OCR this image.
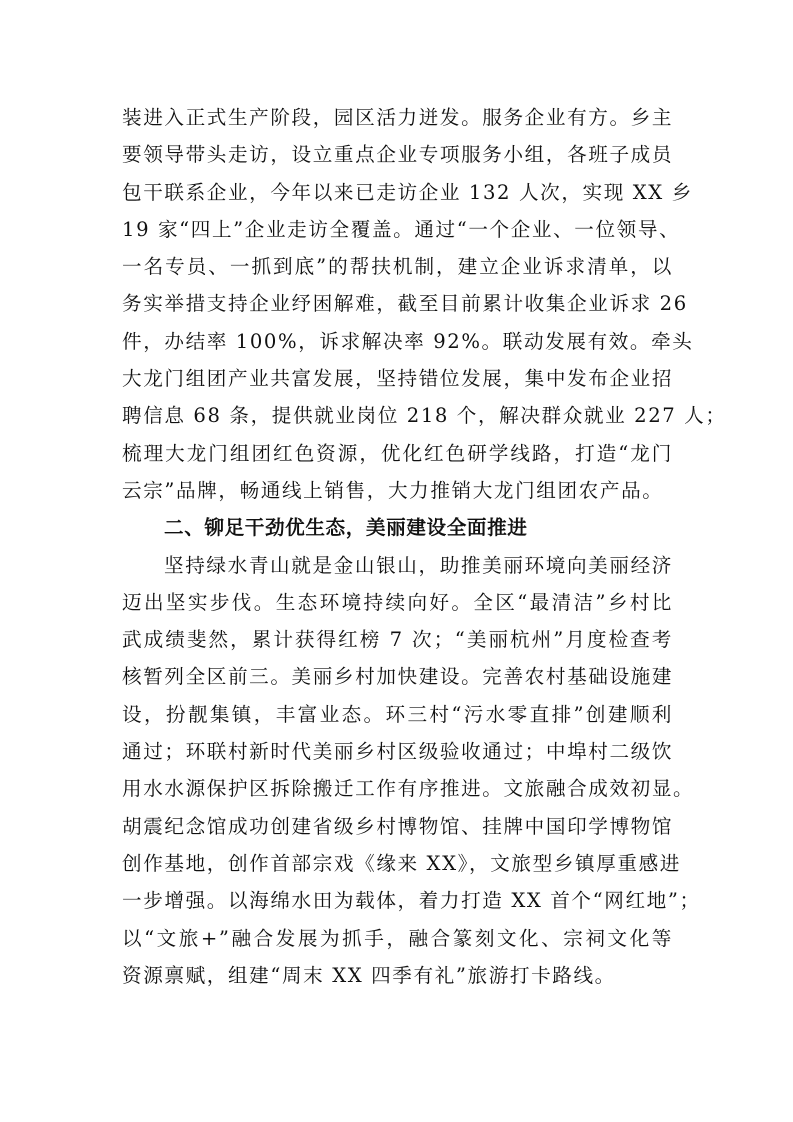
装进入正式生产阶段，园区活力迸发。服务企业有方。乡主
要领导带头走访，设立重点企业专项服务小组，各班子成员
包干联系企业，今年以来已走访企业 132 人次，实现 XX 乡
19 家“四上”企业走访全覆盖。通过“一个企业、一位领导、
一名专员、一抓到底”的帮扶机制，建立企业诉求清单，以
务实举措支持企业纾困解难，截至目前累计收集企业诉求 26
件，办结率 100%，诉求解决率 92%。联动发展有效。牵头
大龙门组团产业共富发展，坚持错位发展，集中发布企业招
聘信息 68 条，提供就业岗位 218 个，解决群众就业 227 人；
梳理大龙门组团红色资源，优化红色研学线路，打造“龙门
云宗”品牌，畅通线上销售，大力推销大龙门组团农产品。
二、铆足干劲优生态，美丽建设全面推进
坚持绿水青山就是金山银山，助推美丽环境向美丽经济
迈出坚实步伐。生态环境持续向好。全区“最清洁”乡村比
武成绩斐然，累计获得红榜 7 次；“美丽杭州”月度检查考
核暂列全区前三。美丽乡村加快建设。完善农村基础设施建
设，扮靓集镇，丰富业态。环三村“污水零直排”创建顺利
通过；环联村新时代美丽乡村区级验收通过；中埠村二级饮
用水水源保护区拆除搬迁工作有序推进。文旅融合成效初显。
胡震纪念馆成功创建省级乡村博物馆、挂牌中国印学博物馆
创作基地，创作首部宗戏《缘来 XX》，文旅型乡镇厚重感进
一步增强。以海绵水田为载体，着力打造 XX 首个“网红地”；
以“文旅+”融合发展为抓手，融合篆刻文化、宗祠文化等
资源禀赋，组建“周末 XX 四季有礼”旅游打卡路线。
